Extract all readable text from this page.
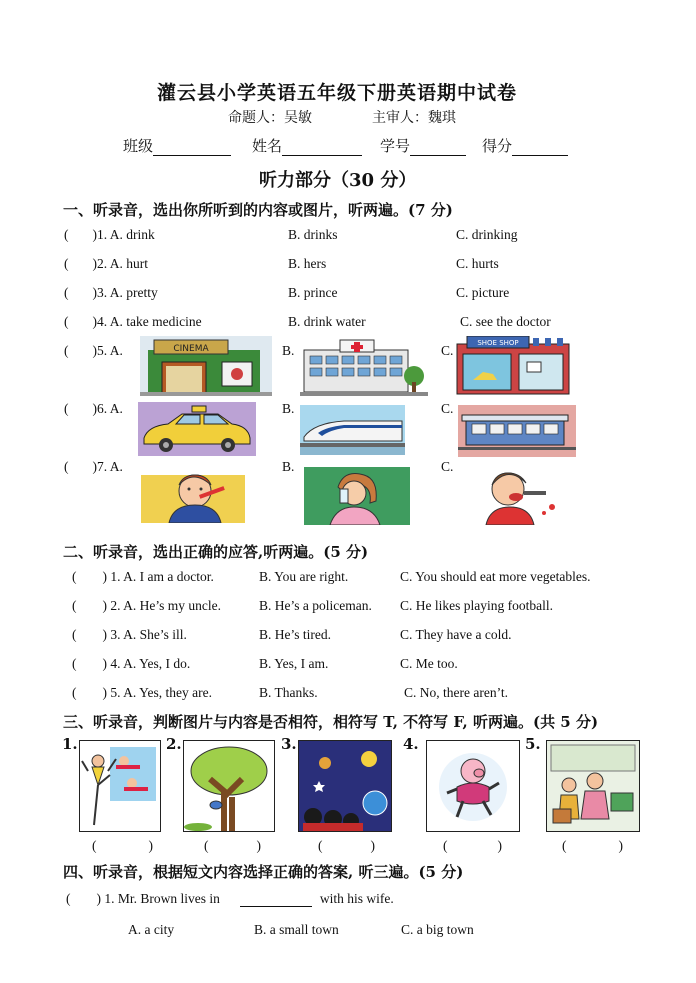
灌云县小学英语五年级下册英语期中试卷
命题人：吴敏	主审人：魏琪
班级	姓名	学号	得分
听力部分（30 分）
一、听录音，选出你所听到的内容或图片，听两遍。(7 分)
( )1. A. drink	B. drinks	C. drinking
( )2. A. hurt	B. hers	C. hurts
( )3. A. pretty	B. prince	C. picture
( )4. A. take medicine	B. drink water	C. see the doctor
( )5. A.	CINEMA	B.	C.	SHOE SHOP
( )6. A.	B.	C.
( )7. A.	B.	C.
二、听录音，选出正确的应答,听两遍。(5 分)
( ) 1. A. I am a doctor.	B. You are right.	C. You should eat more vegetables.
( ) 2. A. He’s my uncle.	B. He’s a policeman. C. He likes playing football.
( ) 3. A. She’s ill.	B. He’s tired.	C. They have a cold.
( ) 4. A. Yes, I do.	B. Yes, I am.	C. Me too.
( ) 5. A. Yes, they are.	B. Thanks.	C. No, there aren’t.
三、听录音，判断图片与内容是否相符，相符写 T, 不符写 F, 听两遍。(共 5 分)
1.	2.	3.	4.	5.
(	)	(	)	(	)	(	)	(	)
四、听录音，根据短文内容选择正确的答案, 听三遍。(5 分)
( ) 1. Mr. Brown lives in	with his wife.
A. a city	B. a small town	C. a big town
